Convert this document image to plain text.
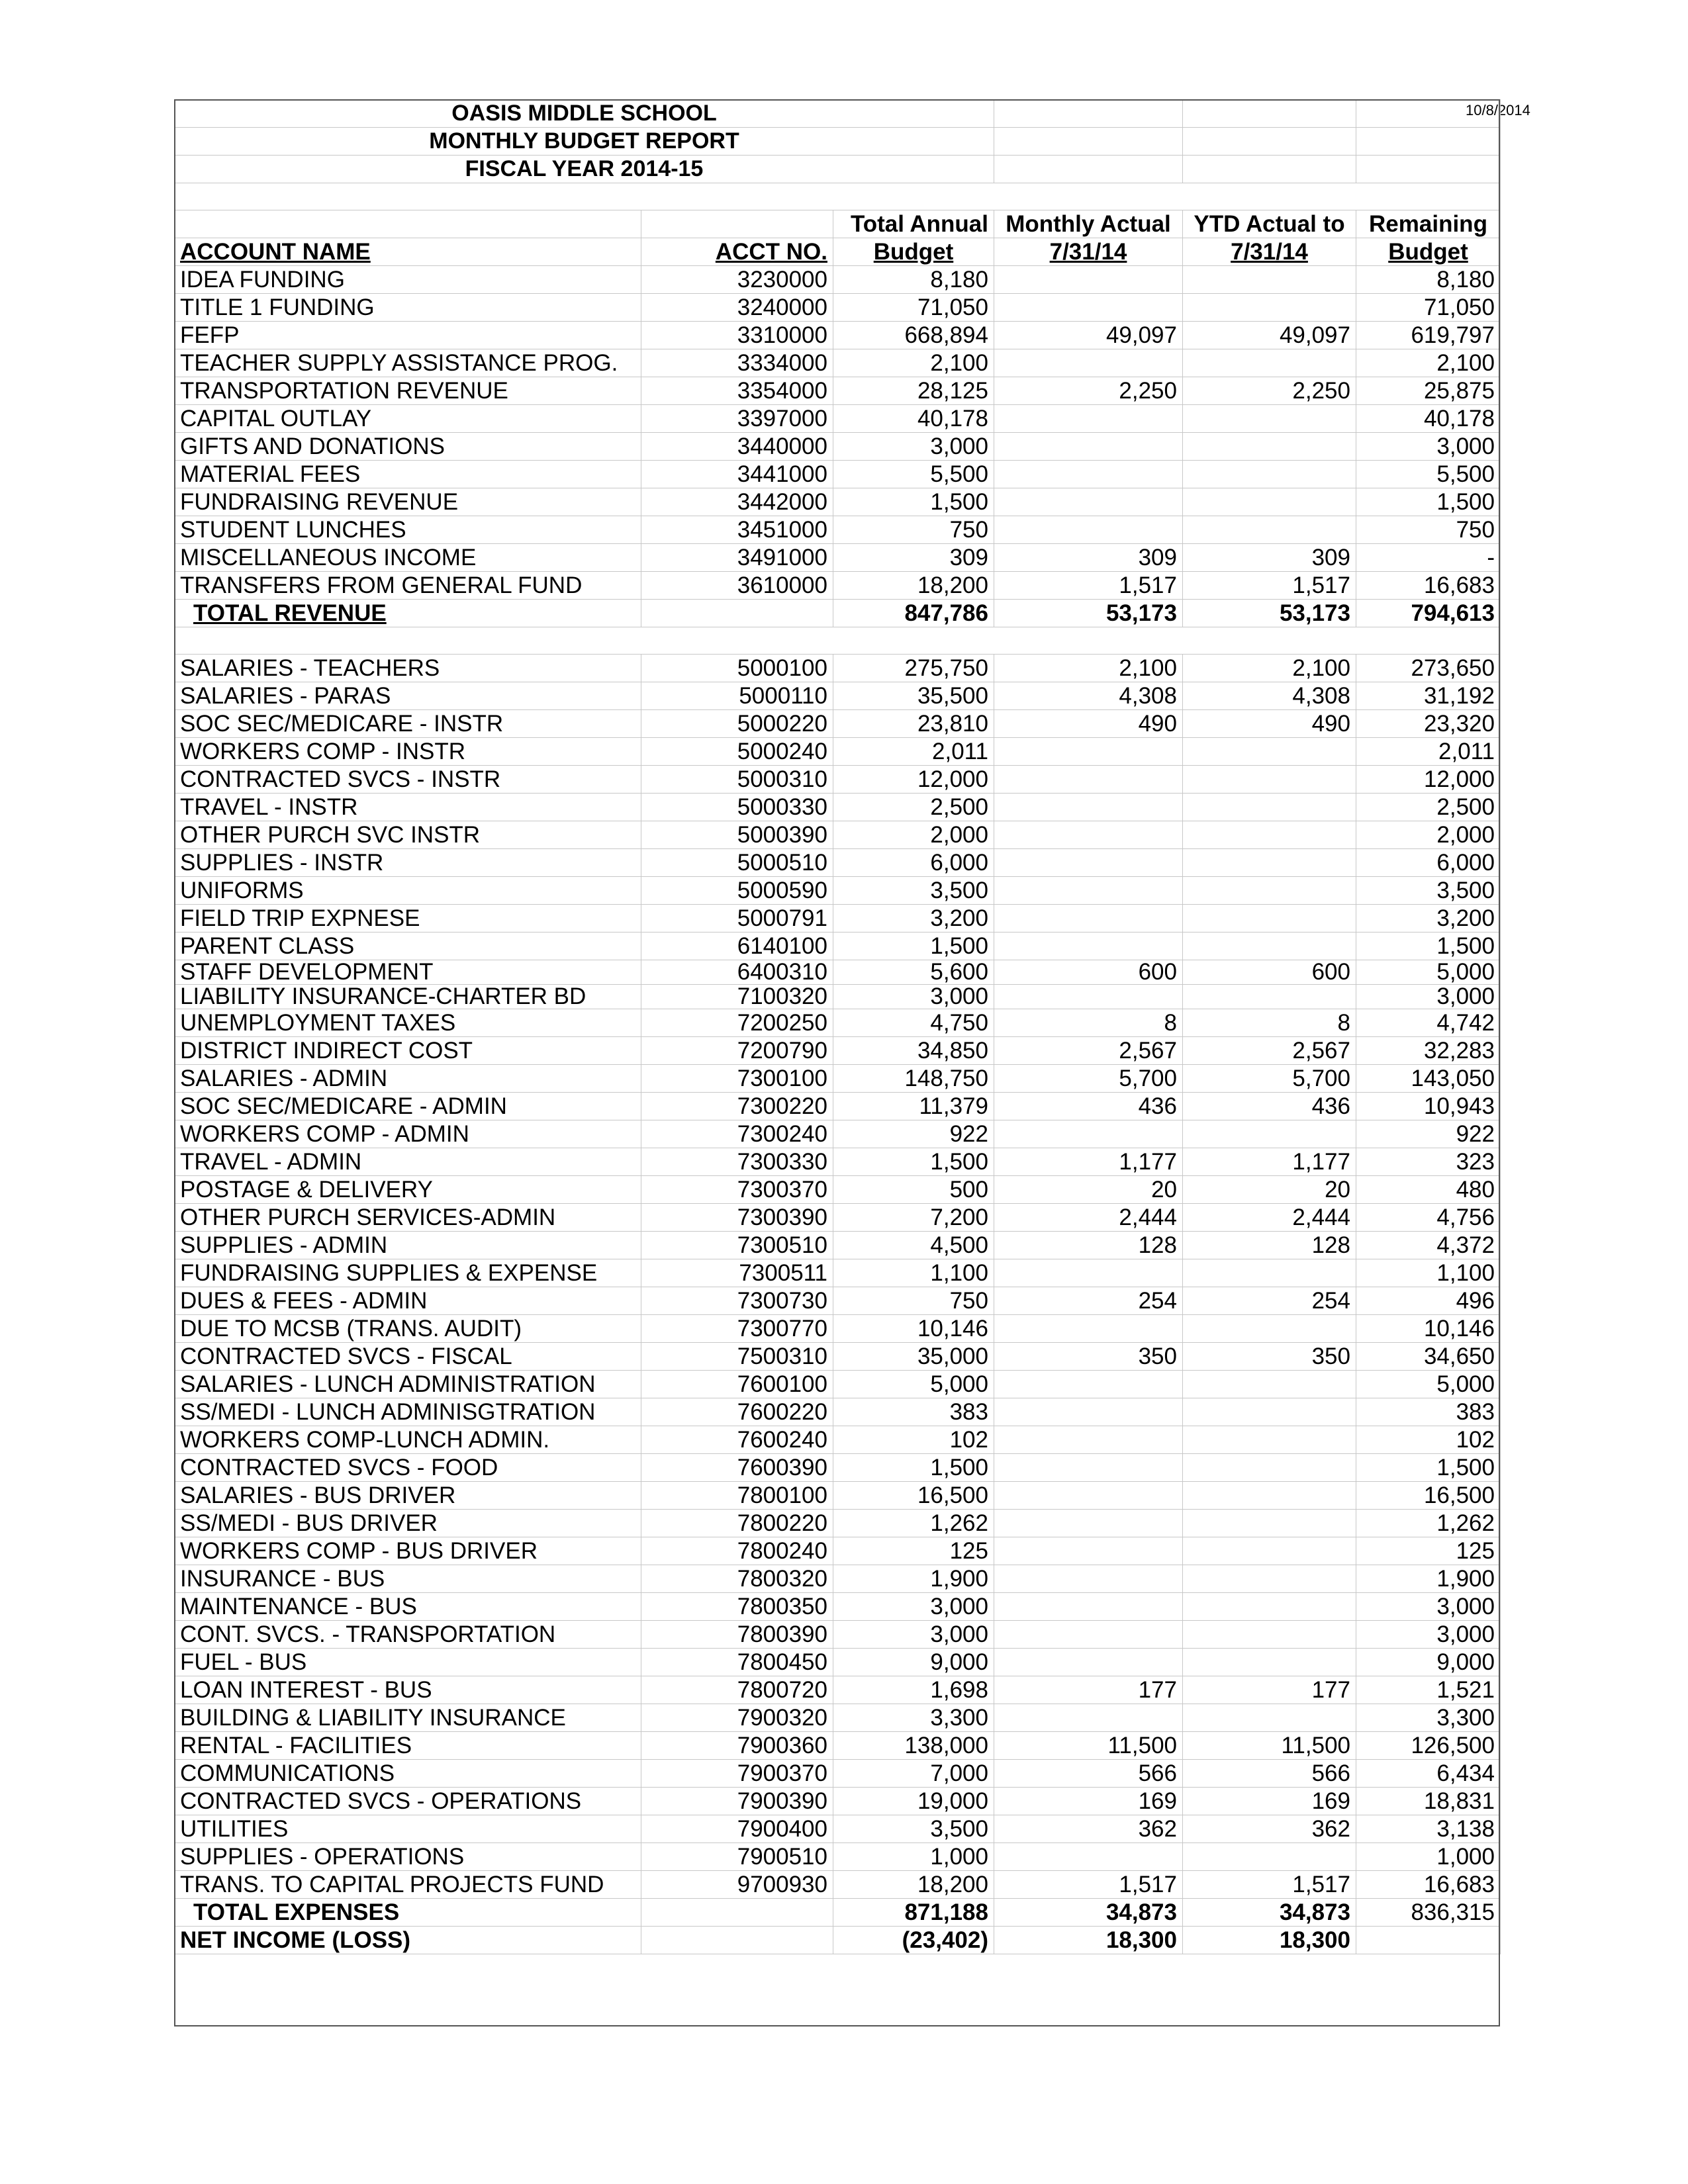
10/8/2014
OASIS MIDDLE SCHOOL					
MONTHLY BUDGET REPORT					
FISCAL YEAR 2014-15					

		Total Annual	Monthly Actual	YTD Actual to	Remaining
ACCOUNT NAME	ACCT NO.	Budget	7/31/14	7/31/14	Budget
IDEA FUNDING	3230000	8,180			8,180
TITLE 1 FUNDING	3240000	71,050			71,050
FEFP	3310000	668,894	49,097	49,097	619,797
TEACHER SUPPLY ASSISTANCE PROG.	3334000	2,100			2,100
TRANSPORTATION REVENUE	3354000	28,125	2,250	2,250	25,875
CAPITAL OUTLAY	3397000	40,178			40,178
GIFTS AND DONATIONS	3440000	3,000			3,000
MATERIAL FEES	3441000	5,500			5,500
FUNDRAISING REVENUE	3442000	1,500			1,500
STUDENT LUNCHES	3451000	750			750
MISCELLANEOUS INCOME	3491000	309	309	309	-
TRANSFERS FROM GENERAL FUND	3610000	18,200	1,517	1,517	16,683
TOTAL REVENUE		847,786	53,173	53,173	794,613

SALARIES - TEACHERS	5000100	275,750	2,100	2,100	273,650
SALARIES - PARAS	5000110	35,500	4,308	4,308	31,192
SOC SEC/MEDICARE - INSTR	5000220	23,810	490	490	23,320
WORKERS COMP - INSTR	5000240	2,011			2,011
CONTRACTED SVCS - INSTR	5000310	12,000			12,000
TRAVEL - INSTR	5000330	2,500			2,500
OTHER PURCH SVC INSTR	5000390	2,000			2,000
SUPPLIES - INSTR	5000510	6,000			6,000
UNIFORMS	5000590	3,500			3,500
FIELD TRIP EXPNESE	5000791	3,200			3,200
PARENT CLASS	6140100	1,500			1,500
STAFF DEVELOPMENT	6400310	5,600	600	600	5,000
LIABILITY INSURANCE-CHARTER BD	7100320	3,000			3,000
UNEMPLOYMENT TAXES	7200250	4,750	8	8	4,742
DISTRICT INDIRECT COST	7200790	34,850	2,567	2,567	32,283
SALARIES - ADMIN	7300100	148,750	5,700	5,700	143,050
SOC SEC/MEDICARE - ADMIN	7300220	11,379	436	436	10,943
WORKERS COMP - ADMIN	7300240	922			922
TRAVEL - ADMIN	7300330	1,500	1,177	1,177	323
POSTAGE & DELIVERY	7300370	500	20	20	480
OTHER PURCH SERVICES-ADMIN	7300390	7,200	2,444	2,444	4,756
SUPPLIES - ADMIN	7300510	4,500	128	128	4,372
FUNDRAISING SUPPLIES & EXPENSE	7300511	1,100			1,100
DUES & FEES - ADMIN	7300730	750	254	254	496
DUE TO MCSB (TRANS. AUDIT)	7300770	10,146			10,146
CONTRACTED SVCS - FISCAL	7500310	35,000	350	350	34,650
SALARIES - LUNCH ADMINISTRATION	7600100	5,000			5,000
SS/MEDI - LUNCH ADMINISGTRATION	7600220	383			383
WORKERS COMP-LUNCH ADMIN.	7600240	102			102
CONTRACTED SVCS - FOOD	7600390	1,500			1,500
SALARIES - BUS DRIVER	7800100	16,500			16,500
SS/MEDI - BUS DRIVER	7800220	1,262			1,262
WORKERS COMP - BUS DRIVER	7800240	125			125
INSURANCE - BUS	7800320	1,900			1,900
MAINTENANCE - BUS	7800350	3,000			3,000
CONT. SVCS. - TRANSPORTATION	7800390	3,000			3,000
FUEL - BUS	7800450	9,000			9,000
LOAN INTEREST - BUS	7800720	1,698	177	177	1,521
BUILDING & LIABILITY INSURANCE	7900320	3,300			3,300
RENTAL - FACILITIES	7900360	138,000	11,500	11,500	126,500
COMMUNICATIONS	7900370	7,000	566	566	6,434
CONTRACTED SVCS - OPERATIONS	7900390	19,000	169	169	18,831
UTILITIES	7900400	3,500	362	362	3,138
SUPPLIES - OPERATIONS	7900510	1,000			1,000
TRANS. TO CAPITAL PROJECTS FUND	9700930	18,200	1,517	1,517	16,683
TOTAL EXPENSES		871,188	34,873	34,873	836,315
NET INCOME (LOSS)		(23,402)	18,300	18,300	
